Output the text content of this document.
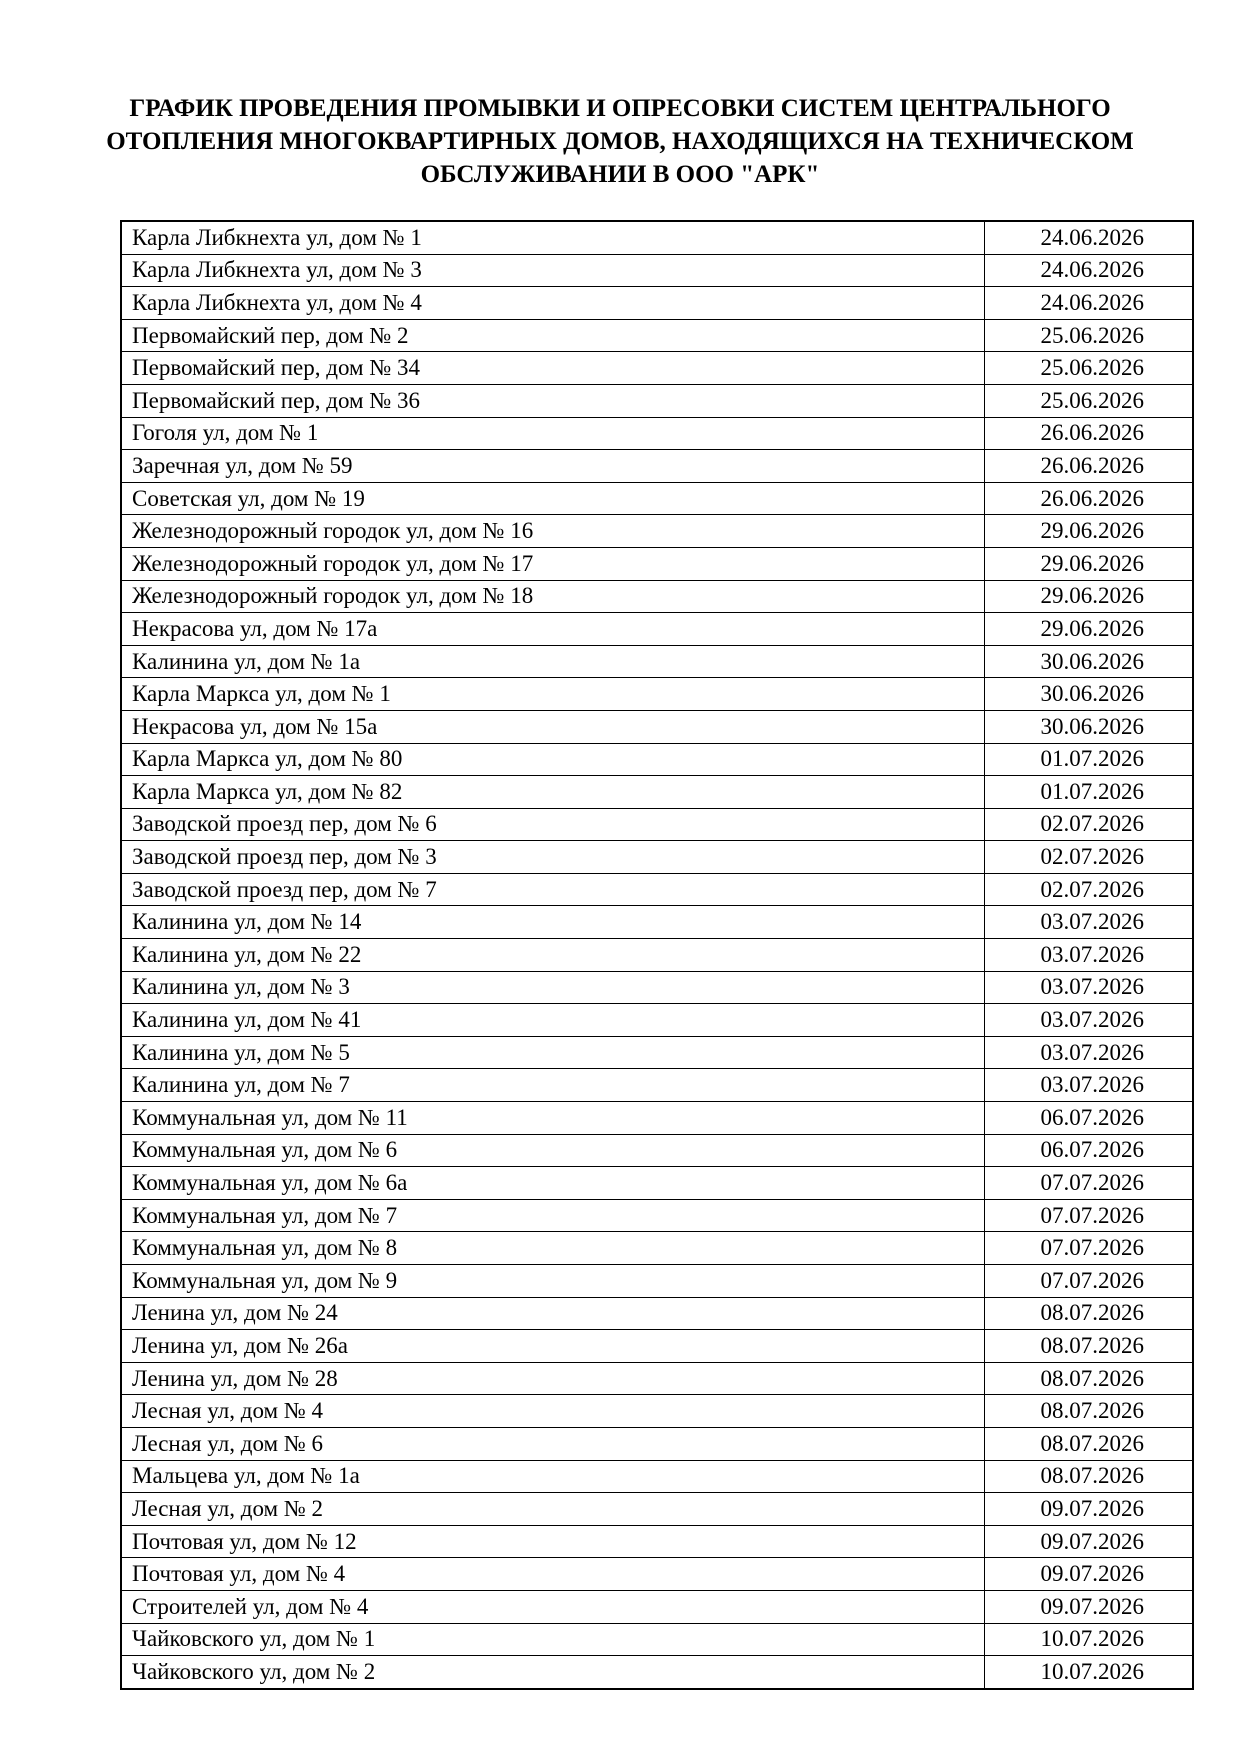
ГРАФИК ПРОВЕДЕНИЯ ПРОМЫВКИ И ОПРЕСОВКИ СИСТЕМ ЦЕНТРАЛЬНОГО
ОТОПЛЕНИЯ МНОГОКВАРТИРНЫХ ДОМОВ, НАХОДЯЩИХСЯ НА ТЕХНИЧЕСКОМ
ОБСЛУЖИВАНИИ В ООО "АРК"
Карла Либкнехта ул, дом № 1	24.06.2026
Карла Либкнехта ул, дом № 3	24.06.2026
Карла Либкнехта ул, дом № 4	24.06.2026
Первомайский пер, дом № 2	25.06.2026
Первомайский пер, дом № 34	25.06.2026
Первомайский пер, дом № 36	25.06.2026
Гоголя ул, дом № 1	26.06.2026
Заречная ул, дом № 59	26.06.2026
Советская ул, дом № 19	26.06.2026
Железнодорожный городок ул, дом № 16	29.06.2026
Железнодорожный городок ул, дом № 17	29.06.2026
Железнодорожный городок ул, дом № 18	29.06.2026
Некрасова ул, дом № 17а	29.06.2026
Калинина ул, дом № 1а	30.06.2026
Карла Маркса ул, дом № 1	30.06.2026
Некрасова ул, дом № 15а	30.06.2026
Карла Маркса ул, дом № 80	01.07.2026
Карла Маркса ул, дом № 82	01.07.2026
Заводской проезд пер, дом № 6	02.07.2026
Заводской проезд пер, дом № 3	02.07.2026
Заводской проезд пер, дом № 7	02.07.2026
Калинина ул, дом № 14	03.07.2026
Калинина ул, дом № 22	03.07.2026
Калинина ул, дом № 3	03.07.2026
Калинина ул, дом № 41	03.07.2026
Калинина ул, дом № 5	03.07.2026
Калинина ул, дом № 7	03.07.2026
Коммунальная ул, дом № 11	06.07.2026
Коммунальная ул, дом № 6	06.07.2026
Коммунальная ул, дом № 6а	07.07.2026
Коммунальная ул, дом № 7	07.07.2026
Коммунальная ул, дом № 8	07.07.2026
Коммунальная ул, дом № 9	07.07.2026
Ленина ул, дом № 24	08.07.2026
Ленина ул, дом № 26а	08.07.2026
Ленина ул, дом № 28	08.07.2026
Лесная ул, дом № 4	08.07.2026
Лесная ул, дом № 6	08.07.2026
Мальцева ул, дом № 1а	08.07.2026
Лесная ул, дом № 2	09.07.2026
Почтовая ул, дом № 12	09.07.2026
Почтовая ул, дом № 4	09.07.2026
Строителей ул, дом № 4	09.07.2026
Чайковского ул, дом № 1	10.07.2026
Чайковского ул, дом № 2	10.07.2026
